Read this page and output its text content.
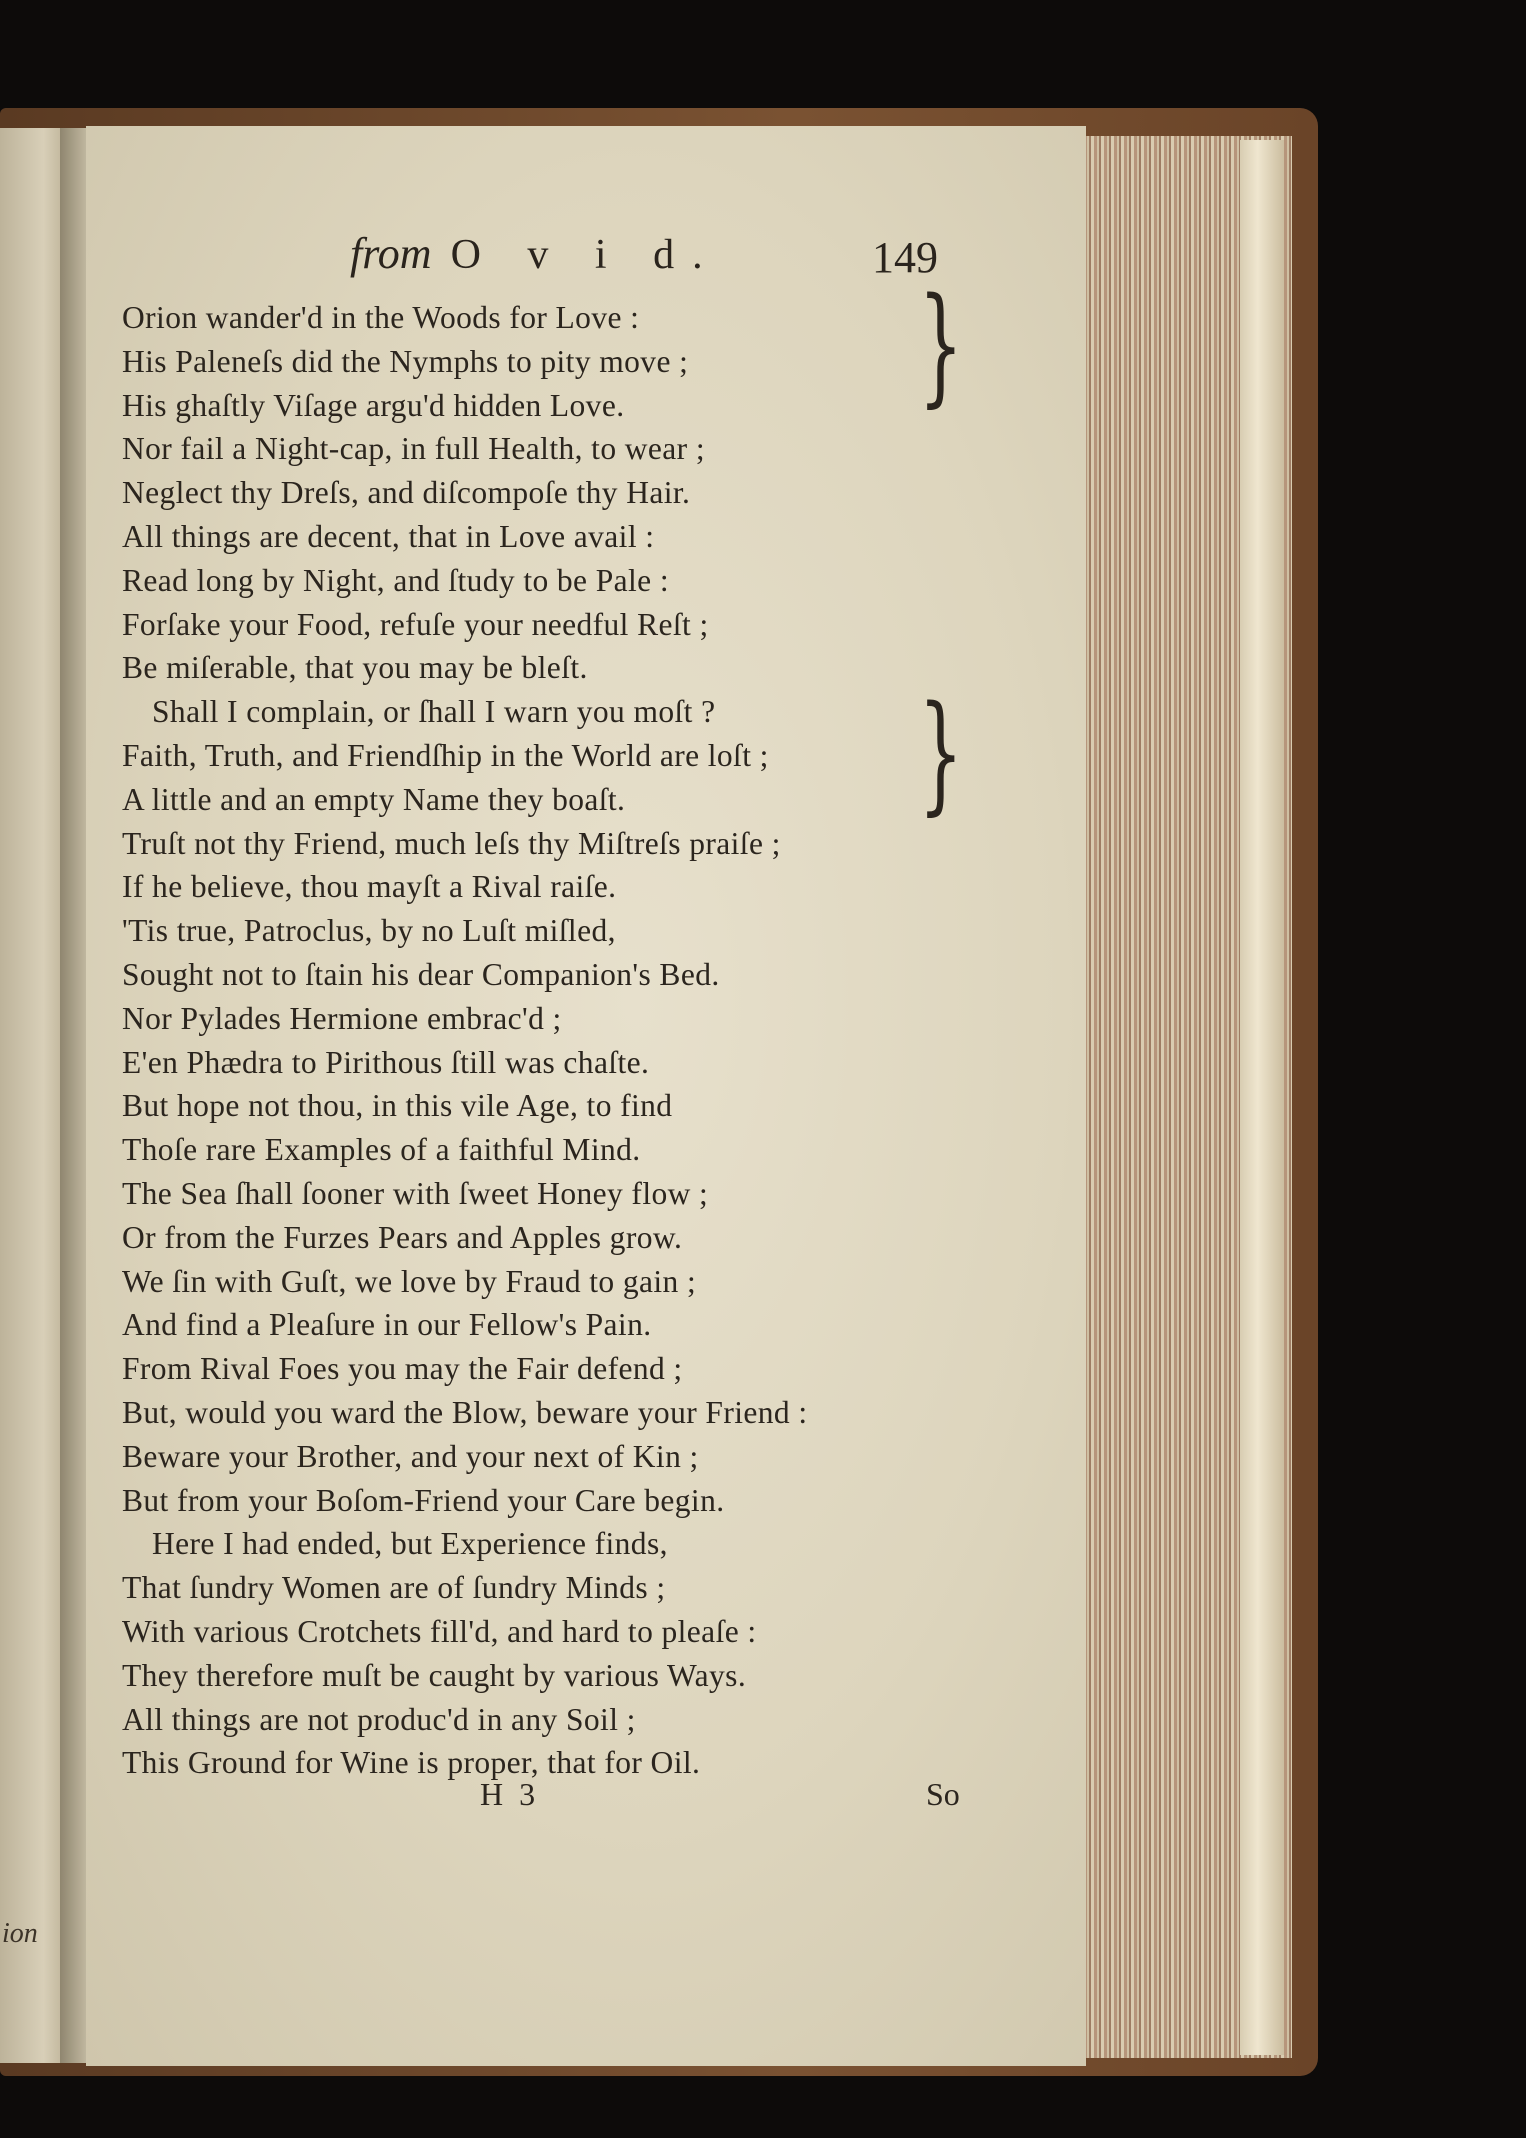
ion
from O v i d.	149
Orion wander'd in the Woods for Love :
His Paleneſs did the Nymphs to pity move ;
His ghaſtly Viſage argu'd hidden Love.
Nor fail a Night-cap, in full Health, to wear ;
Neglect thy Dreſs, and diſcompoſe thy Hair.
All things are decent, that in Love avail :
Read long by Night, and ſtudy to be Pale :
Forſake your Food, refuſe your needful Reſt ;
Be miſerable, that you may be bleſt.
Shall I complain, or ſhall I warn you moſt ?
Faith, Truth, and Friendſhip in the World are loſt ;
A little and an empty Name they boaſt.
Truſt not thy Friend, much leſs thy Miſtreſs praiſe ;
If he believe, thou mayſt a Rival raiſe.
'Tis true, Patroclus, by no Luſt miſled,
Sought not to ſtain his dear Companion's Bed.
Nor Pylades Hermione embrac'd ;
E'en Phædra to Pirithous ſtill was chaſte.
But hope not thou, in this vile Age, to find
Thoſe rare Examples of a faithful Mind.
The Sea ſhall ſooner with ſweet Honey flow ;
Or from the Furzes Pears and Apples grow.
We ſin with Guſt, we love by Fraud to gain ;
And find a Pleaſure in our Fellow's Pain.
From Rival Foes you may the Fair defend ;
But, would you ward the Blow, beware your Friend :
Beware your Brother, and your next of Kin ;
But from your Boſom-Friend your Care begin.
Here I had ended, but Experience finds,
That ſundry Women are of ſundry Minds ;
With various Crotchets fill'd, and hard to pleaſe :
They therefore muſt be caught by various Ways.
All things are not produc'd in any Soil ;
This Ground for Wine is proper, that for Oil.
}
}
H 3	So
